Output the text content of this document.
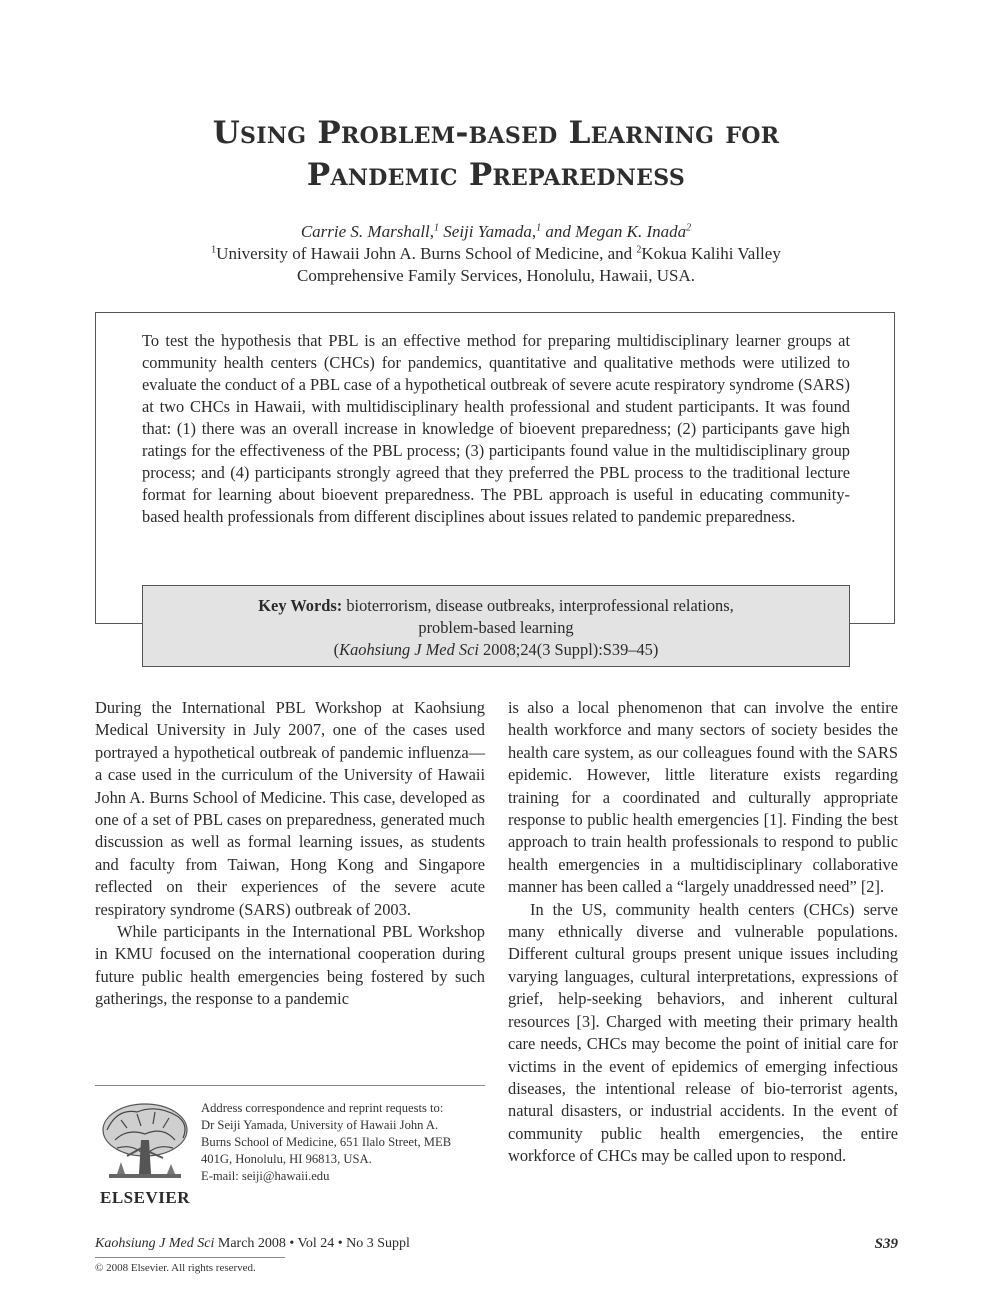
Using Problem-based Learning for
Pandemic Preparedness
Carrie S. Marshall,$^1$ Seiji Yamada,$^1$ and Megan K. Inada$^2$
$^1$University of Hawaii John A. Burns School of Medicine, and $^2$Kokua Kalihi Valley
Comprehensive Family Services, Honolulu, Hawaii, USA.
To test the hypothesis that PBL is an effective method for preparing multidisciplinary learner groups at community health centers (CHCs) for pandemics, quantitative and qualitative methods were utilized to evaluate the conduct of a PBL case of a hypothetical outbreak of severe acute respiratory syndrome (SARS) at two CHCs in Hawaii, with multidisciplinary health professional and student participants. It was found that: (1) there was an overall increase in knowledge of bioevent preparedness; (2) participants gave high ratings for the effectiveness of the PBL process; (3) participants found value in the multidisciplinary group process; and (4) participants strongly agreed that they preferred the PBL process to the traditional lecture format for learning about bioevent preparedness. The PBL approach is useful in educating community-based health professionals from different disciplines about issues related to pandemic preparedness.
Key Words: bioterrorism, disease outbreaks, interprofessional relations,
problem-based learning
(Kaohsiung J Med Sci 2008;24(3 Suppl):S39–45)

During the International PBL Workshop at Kaohsiung Medical University in July 2007, one of the cases used portrayed a hypothetical outbreak of pandemic influenza—a case used in the curriculum of the University of Hawaii John A. Burns School of Medicine. This case, developed as one of a set of PBL cases on preparedness, generated much discussion as well as formal learning issues, as students and faculty from Taiwan, Hong Kong and Singapore reflected on their experiences of the severe acute respiratory syndrome (SARS) outbreak of 2003.

While participants in the International PBL Workshop in KMU focused on the international cooperation during future public health emergencies being fostered by such gatherings, the response to a pandemic

is also a local phenomenon that can involve the entire health workforce and many sectors of society besides the health care system, as our colleagues found with the SARS epidemic. However, little literature exists regarding training for a coordinated and culturally appropriate response to public health emergencies [1]. Finding the best approach to train health professionals to respond to public health emergencies in a multidisciplinary collaborative manner has been called a “largely unaddressed need” [2].

In the US, community health centers (CHCs) serve many ethnically diverse and vulnerable populations. Different cultural groups present unique issues including varying languages, cultural interpretations, expressions of grief, help-seeking behaviors, and inherent cultural resources [3]. Charged with meeting their primary health care needs, CHCs may become the point of initial care for victims in the event of epidemics of emerging infectious diseases, the intentional release of bio-terrorist agents, natural disasters, or industrial accidents. In the event of community public health emergencies, the entire workforce of CHCs may be called upon to respond.

ELSEVIER
Address correspondence and reprint requests to:
Dr Seiji Yamada, University of Hawaii John A.
Burns School of Medicine, 651 Ilalo Street, MEB
401G, Honolulu, HI 96813, USA.
E-mail: seiji@hawaii.edu
Kaohsiung J Med Sci March 2008 • Vol 24 • No 3 Suppl	S39
© 2008 Elsevier. All rights reserved.
